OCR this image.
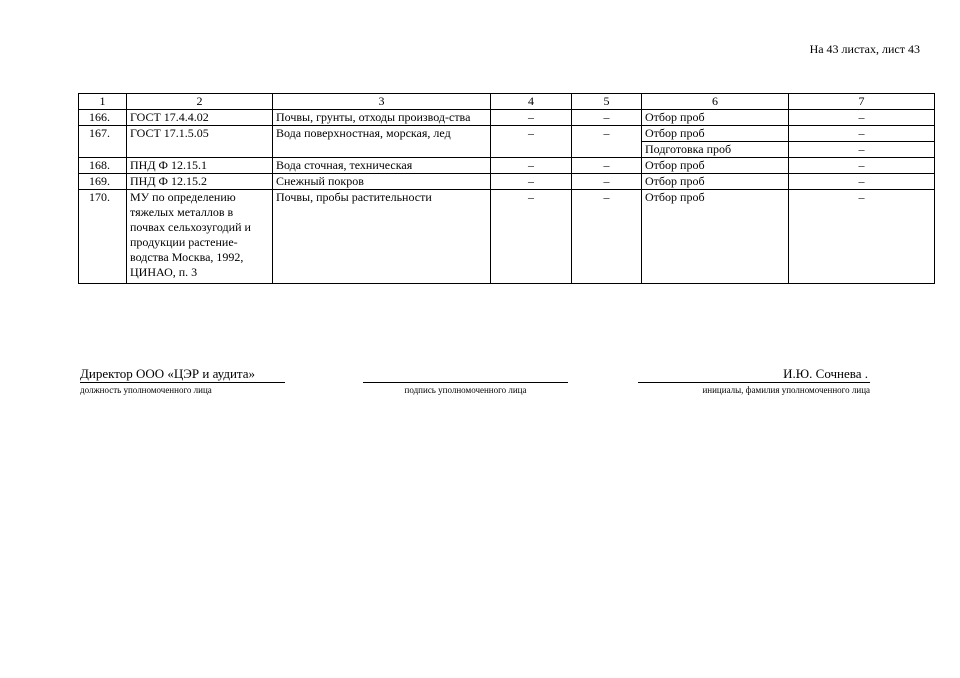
На 43 листах, лист 43
1	2	3	4	5	6	7
166.	ГОСТ 17.4.4.02	Почвы, грунты, отходы производ-ства	–	–	Отбор проб	–
167.	ГОСТ 17.1.5.05	Вода поверхностная, морская, лед	–	–	Отбор проб	–
					Подготовка проб	–
168.	ПНД Ф 12.15.1	Вода сточная, техническая	–	–	Отбор проб	–
169.	ПНД Ф 12.15.2	Снежный покров	–	–	Отбор проб	–
170.	МУ по определению тяжелых металлов в почвах сельхозугодий и продукции растение-водства Москва, 1992, ЦИНАО, п. 3	Почвы, пробы растительности	–	–	Отбор проб	–
Директор ООО «ЦЭР и аудита»
должность уполномоченного лица	подпись уполномоченного лица
И.Ю. Сочнева .
инициалы, фамилия уполномоченного лица
